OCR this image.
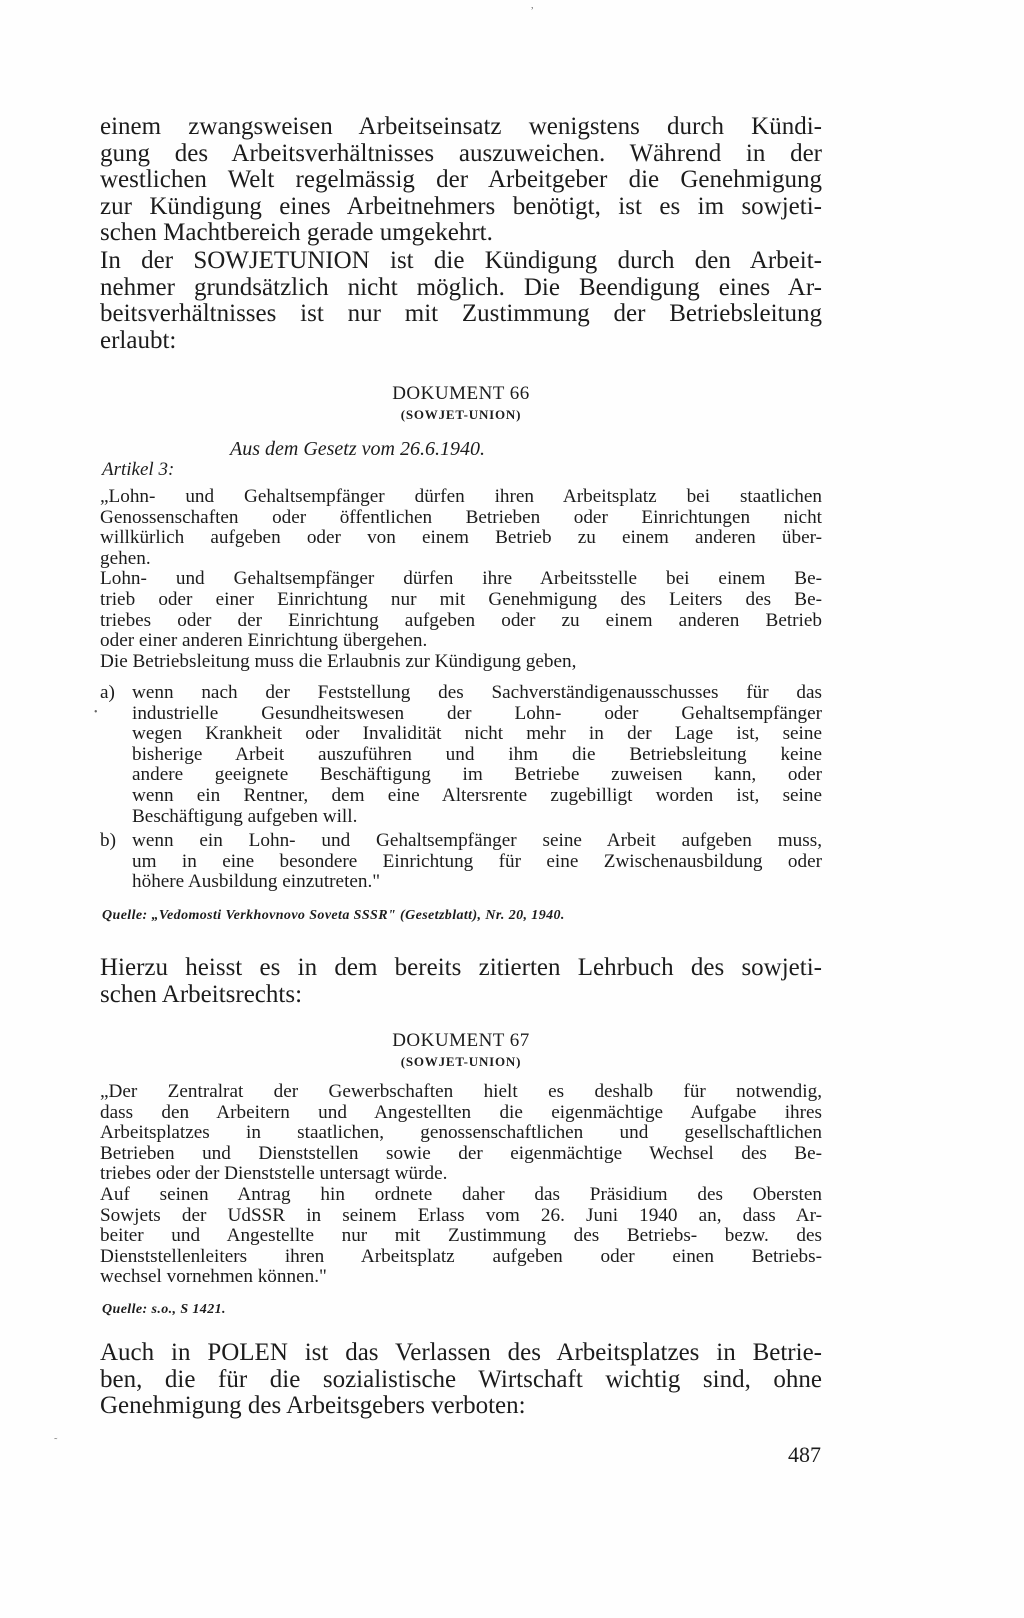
einem zwangsweisen Arbeitseinsatz wenigstens durch Kündi-
gung des Arbeitsverhältnisses auszuweichen. Während in der
westlichen Welt regelmässig der Arbeitgeber die Genehmigung
zur Kündigung eines Arbeitnehmers benötigt, ist es im sowjeti-
schen Machtbereich gerade umgekehrt.
In der SOWJETUNION ist die Kündigung durch den Arbeit-
nehmer grundsätzlich nicht möglich. Die Beendigung eines Ar-
beitsverhältnisses ist nur mit Zustimmung der Betriebsleitung
erlaubt:
DOKUMENT 66
(SOWJET-UNION)
Aus dem Gesetz vom 26.6.1940.
Artikel 3:
„Lohn- und Gehaltsempfänger dürfen ihren Arbeitsplatz bei staatlichen
Genossenschaften oder öffentlichen Betrieben oder Einrichtungen nicht
willkürlich aufgeben oder von einem Betrieb zu einem anderen über-
gehen.
Lohn- und Gehaltsempfänger dürfen ihre Arbeitsstelle bei einem Be-
trieb oder einer Einrichtung nur mit Genehmigung des Leiters des Be-
triebes oder der Einrichtung aufgeben oder zu einem anderen Betrieb
oder einer anderen Einrichtung übergehen.
Die Betriebsleitung muss die Erlaubnis zur Kündigung geben,
a) wenn nach der Feststellung des Sachverständigenausschusses für das
industrielle Gesundheitswesen der Lohn- oder Gehaltsempfänger
wegen Krankheit oder Invalidität nicht mehr in der Lage ist, seine
bisherige Arbeit auszuführen und ihm die Betriebsleitung keine
andere geeignete Beschäftigung im Betriebe zuweisen kann, oder
wenn ein Rentner, dem eine Altersrente zugebilligt worden ist, seine
Beschäftigung aufgeben will.
b) wenn ein Lohn- und Gehaltsempfänger seine Arbeit aufgeben muss,
um in eine besondere Einrichtung für eine Zwischenausbildung oder
höhere Ausbildung einzutreten."
Quelle: „Vedomosti Verkhovnovo Soveta SSSR" (Gesetzblatt), Nr. 20, 1940.
Hierzu heisst es in dem bereits zitierten Lehrbuch des sowjeti-
schen Arbeitsrechts:
DOKUMENT 67
(SOWJET-UNION)
„Der Zentralrat der Gewerbschaften hielt es deshalb für notwendig,
dass den Arbeitern und Angestellten die eigenmächtige Aufgabe ihres
Arbeitsplatzes in staatlichen, genossenschaftlichen und gesellschaftlichen
Betrieben und Dienststellen sowie der eigenmächtige Wechsel des Be-
triebes oder der Dienststelle untersagt würde.
Auf seinen Antrag hin ordnete daher das Präsidium des Obersten
Sowjets der UdSSR in seinem Erlass vom 26. Juni 1940 an, dass Ar-
beiter und Angestellte nur mit Zustimmung des Betriebs- bezw. des
Dienststellenleiters ihren Arbeitsplatz aufgeben oder einen Betriebs-
wechsel vornehmen können."
Quelle: s.o., S 1421.
Auch in POLEN ist das Verlassen des Arbeitsplatzes in Betrie-
ben, die für die sozialistische Wirtschaft wichtig sind, ohne
Genehmigung des Arbeitsgebers verboten:
487
,
•
˜
